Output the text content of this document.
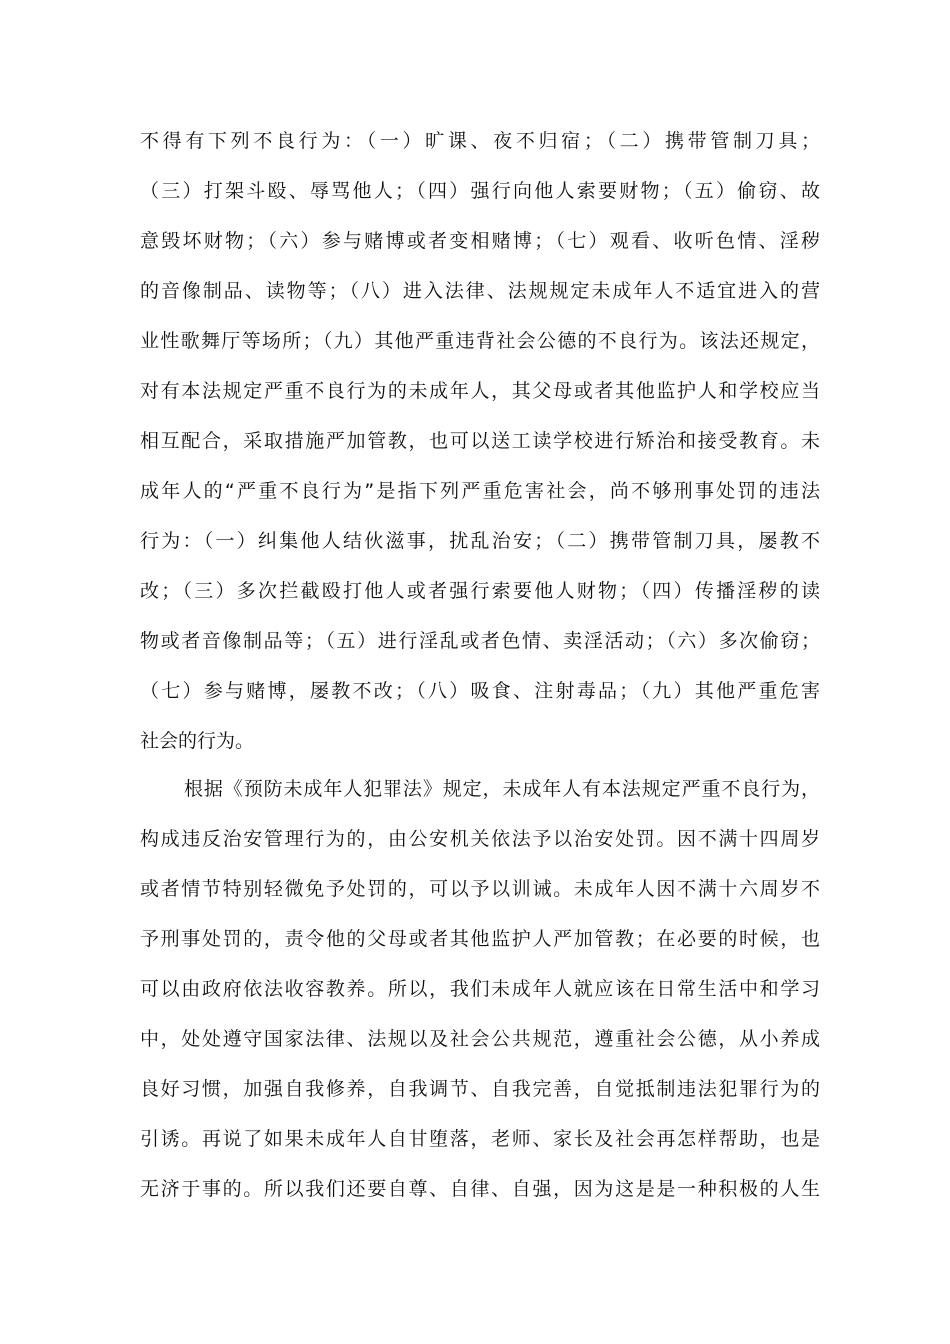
不得有下列不良行为：（一）旷课、夜不归宿；（二）携带管制刀具；
（三）打架斗殴、辱骂他人；（四）强行向他人索要财物；（五）偷窃、故
意毁坏财物；（六）参与赌博或者变相赌博；（七）观看、收听色情、淫秽
的音像制品、读物等；（八）进入法律、法规规定未成年人不适宜进入的营
业性歌舞厅等场所；（九）其他严重违背社会公德的不良行为。该法还规定，
对有本法规定严重不良行为的未成年人，其父母或者其他监护人和学校应当
相互配合，采取措施严加管教，也可以送工读学校进行矫治和接受教育。未
成年人的“严重不良行为”是指下列严重危害社会，尚不够刑事处罚的违法
行为：（一）纠集他人结伙滋事，扰乱治安；（二）携带管制刀具，屡教不
改；（三）多次拦截殴打他人或者强行索要他人财物；（四）传播淫秽的读
物或者音像制品等；（五）进行淫乱或者色情、卖淫活动；（六）多次偷窃；
（七）参与赌博，屡教不改；（八）吸食、注射毒品；（九）其他严重危害
社会的行为。
根据《预防未成年人犯罪法》规定，未成年人有本法规定严重不良行为，
构成违反治安管理行为的，由公安机关依法予以治安处罚。因不满十四周岁
或者情节特别轻微免予处罚的，可以予以训诫。未成年人因不满十六周岁不
予刑事处罚的，责令他的父母或者其他监护人严加管教；在必要的时候，也
可以由政府依法收容教养。所以，我们未成年人就应该在日常生活中和学习
中，处处遵守国家法律、法规以及社会公共规范，遵重社会公德，从小养成
良好习惯，加强自我修养，自我调节、自我完善，自觉抵制违法犯罪行为的
引诱。再说了如果未成年人自甘堕落，老师、家长及社会再怎样帮助，也是
无济于事的。所以我们还要自尊、自律、自强，因为这是是一种积极的人生
